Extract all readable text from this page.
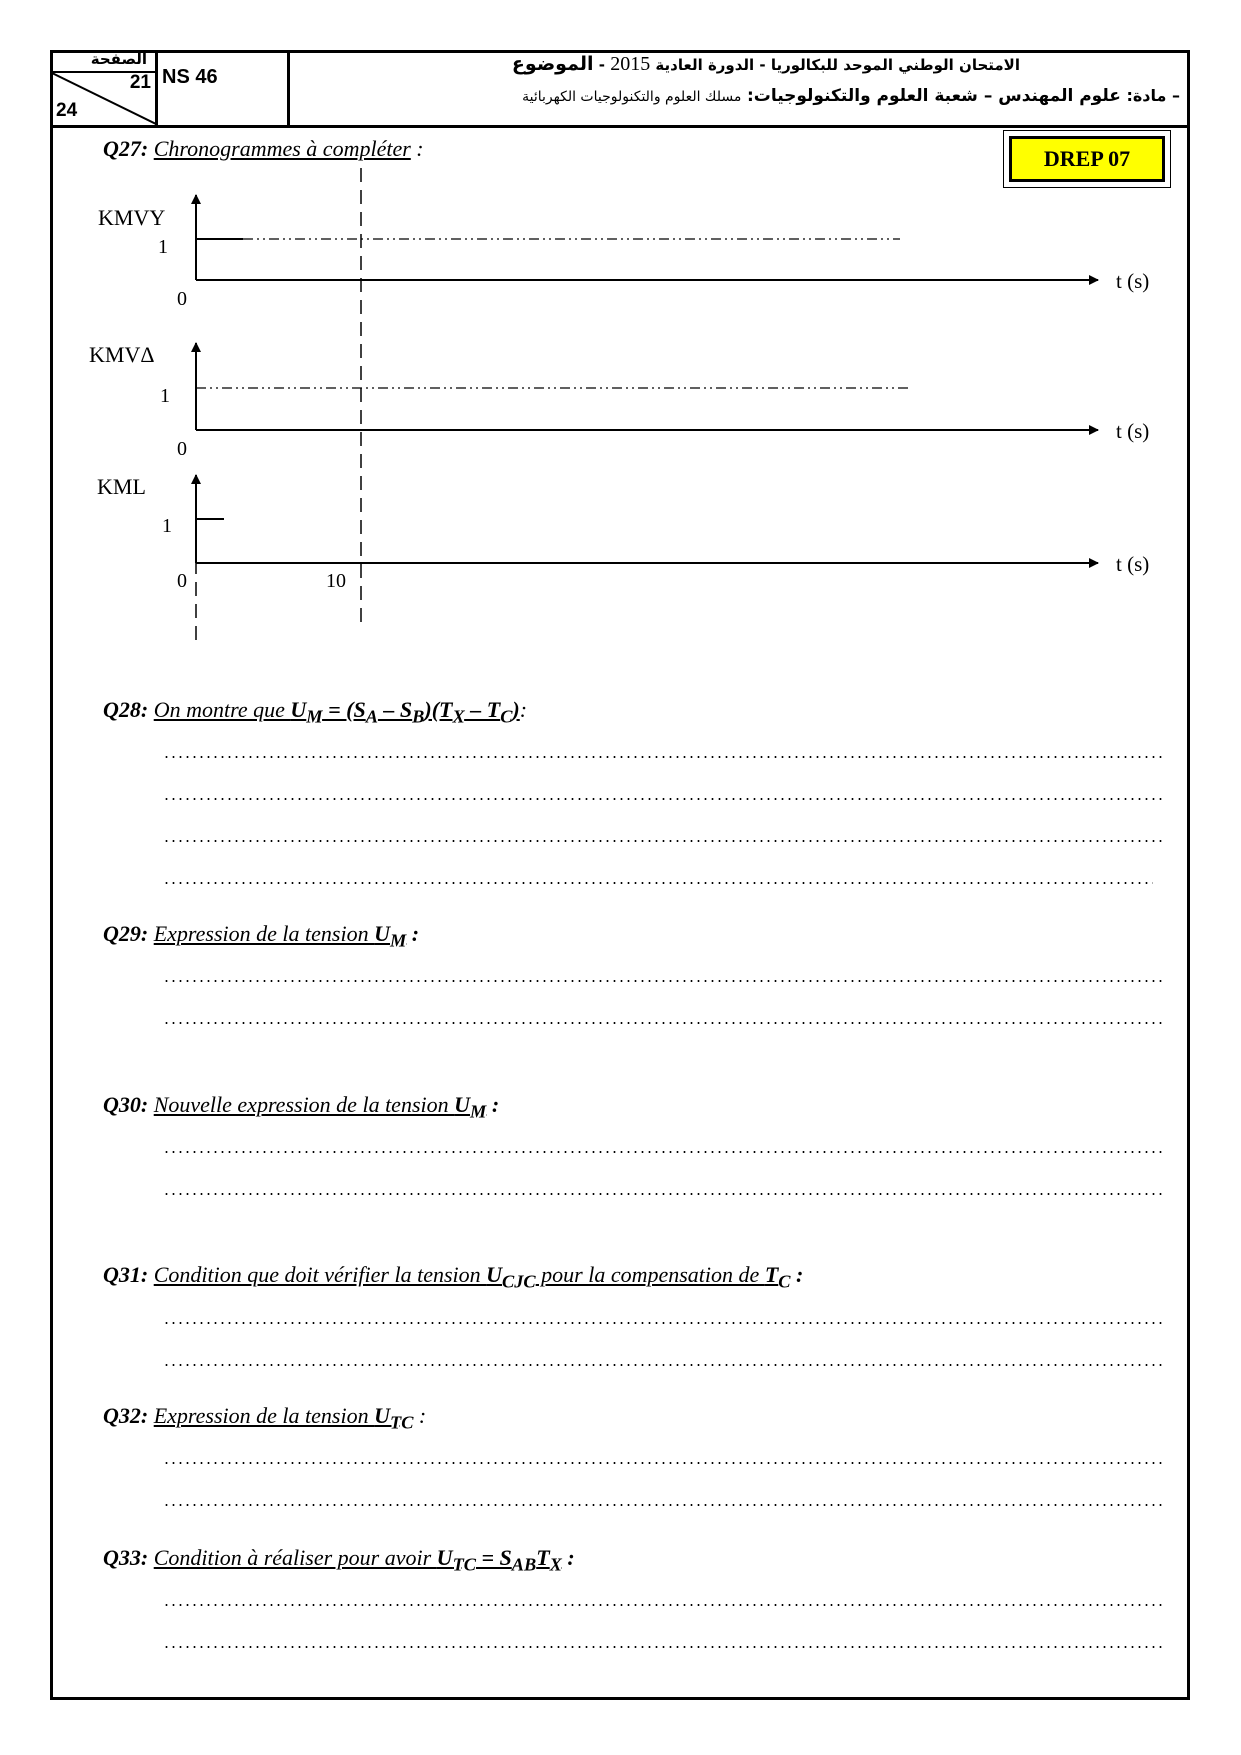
الصفحة
21
24
NS 46
الامتحان الوطني الموحد للبكالوريا - الدورة العادية 2015 - الموضوع
– مادة: علوم المهندس – شعبة العلوم والتكنولوجيات: مسلك العلوم والتكنولوجيات الكهربائية
DREP 07
Q27: Chronogrammes à compléter :
KMVY
1
0
t (s)
KMVΔ
1
0
t (s)
KML
1
0	10
t (s)
Q28: On montre que $U_M = (S_A - S_B)(T_X - T_C)$:
Q29: Expression de la tension $U_M$ :
Q30: Nouvelle expression de la tension $U_M$ :
Q31: Condition que doit vérifier la tension $U_{CJC}$ pour la compensation de $T_C$ :
Q32: Expression de la tension $U_{TC}$ :
Q33: Condition à réaliser pour avoir $U_{TC} = S_{AB}T_X$ :
